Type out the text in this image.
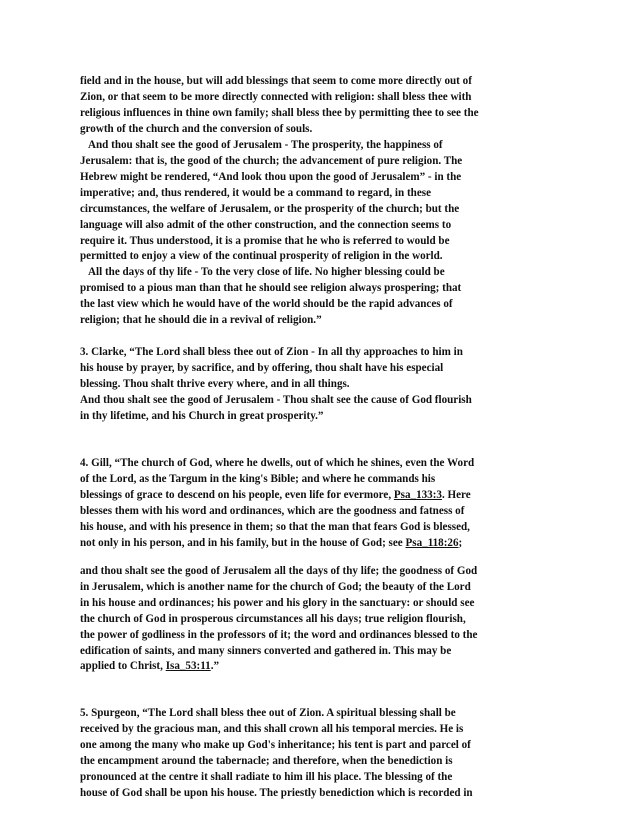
field and in the house, but will add blessings that seem to come more directly out of
Zion, or that seem to be more directly connected with religion: shall bless thee with
religious influences in thine own family; shall bless thee by permitting thee to see the
growth of the church and the conversion of souls.

And thou shalt see the good of Jerusalem - The prosperity, the happiness of
Jerusalem: that is, the good of the church; the advancement of pure religion. The
Hebrew might be rendered, “And look thou upon the good of Jerusalem” - in the
imperative; and, thus rendered, it would be a command to regard, in these
circumstances, the welfare of Jerusalem, or the prosperity of the church; but the
language will also admit of the other construction, and the connection seems to
require it. Thus understood, it is a promise that he who is referred to would be
permitted to enjoy a view of the continual prosperity of religion in the world.

All the days of thy life - To the very close of life. No higher blessing could be
promised to a pious man than that he should see religion always prospering; that
the last view which he would have of the world should be the rapid advances of
religion; that he should die in a revival of religion.”

3. Clarke, “The Lord shall bless thee out of Zion - In all thy approaches to him in
his house by prayer, by sacrifice, and by offering, thou shalt have his especial
blessing. Thou shalt thrive every where, and in all things.

And thou shalt see the good of Jerusalem - Thou shalt see the cause of God flourish
in thy lifetime, and his Church in great prosperity.”

4. Gill, “The church of God, where he dwells, out of which he shines, even the Word
of the Lord, as the Targum in the king's Bible; and where he commands his
blessings of grace to descend on his people, even life for evermore, Psa_133:3. Here
blesses them with his word and ordinances, which are the goodness and fatness of
his house, and with his presence in them; so that the man that fears God is blessed,
not only in his person, and in his family, but in the house of God; see Psa_118:26;

and thou shalt see the good of Jerusalem all the days of thy life; the goodness of God
in Jerusalem, which is another name for the church of God; the beauty of the Lord
in his house and ordinances; his power and his glory in the sanctuary: or should see
the church of God in prosperous circumstances all his days; true religion flourish,
the power of godliness in the professors of it; the word and ordinances blessed to the
edification of saints, and many sinners converted and gathered in. This may be
applied to Christ, Isa_53:11.”

5. Spurgeon, “The Lord shall bless thee out of Zion. A spiritual blessing shall be
received by the gracious man, and this shall crown all his temporal mercies. He is
one among the many who make up God's inheritance; his tent is part and parcel of
the encampment around the tabernacle; and therefore, when the benediction is
pronounced at the centre it shall radiate to him ill his place. The blessing of the
house of God shall be upon his house. The priestly benediction which is recorded in
